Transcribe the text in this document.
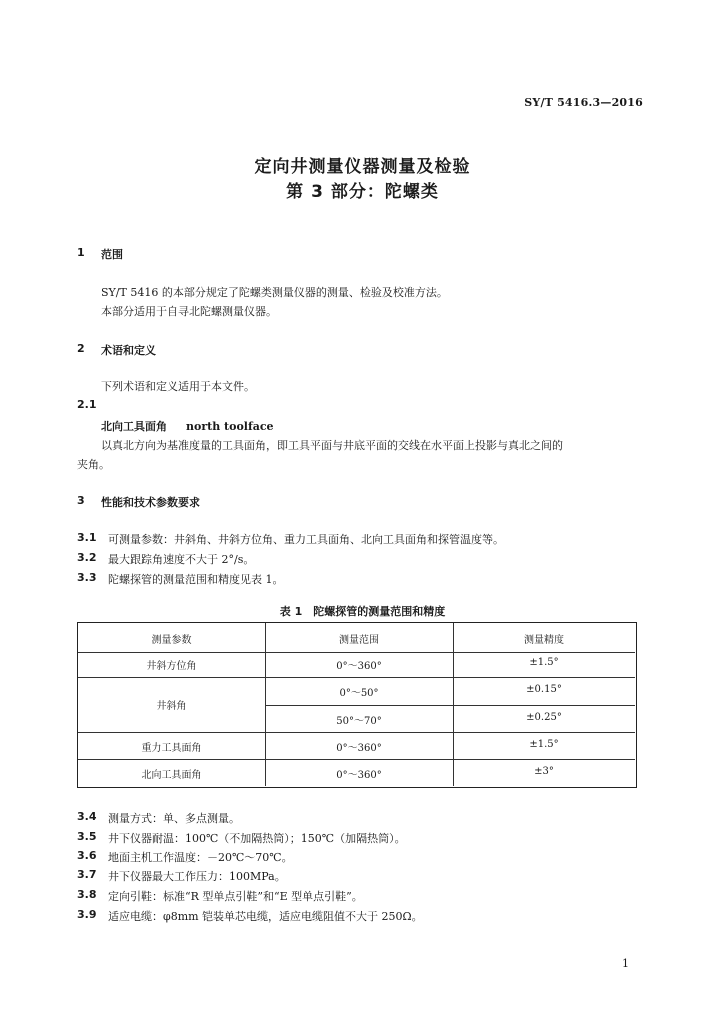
SY/T 5416.3—2016
定向井测量仪器测量及检验
第 3 部分：陀螺类
1 范围
SY/T 5416 的本部分规定了陀螺类测量仪器的测量、检验及校准方法。
本部分适用于自寻北陀螺测量仪器。
2 术语和定义
下列术语和定义适用于本文件。
2.1
北向工具面角 north toolface
以真北方向为基准度量的工具面角，即工具平面与井底平面的交线在水平面上投影与真北之间的
夹角。
3 性能和技术参数要求
3.1 可测量参数：井斜角、井斜方位角、重力工具面角、北向工具面角和探管温度等。
3.2 最大跟踪角速度不大于 2°/s。
3.3 陀螺探管的测量范围和精度见表 1。
表 1　陀螺探管的测量范围和精度
测量参数	测量范围	测量精度
井斜方位角	0°～360°	±1.5°
井斜角
0°～50°	±0.15°
50°～70°	±0.25°
重力工具面角	0°～360°	±1.5°
北向工具面角	0°～360°	±3°
3.4 测量方式：单、多点测量。
3.5 井下仪器耐温：100℃（不加隔热筒）；150℃（加隔热筒）。
3.6 地面主机工作温度：－20℃～70℃。
3.7 井下仪器最大工作压力：100MPa。
3.8 定向引鞋：标准“R 型单点引鞋”和“E 型单点引鞋”。
3.9 适应电缆：φ8mm 铠装单芯电缆，适应电缆阻值不大于 250Ω。
1
